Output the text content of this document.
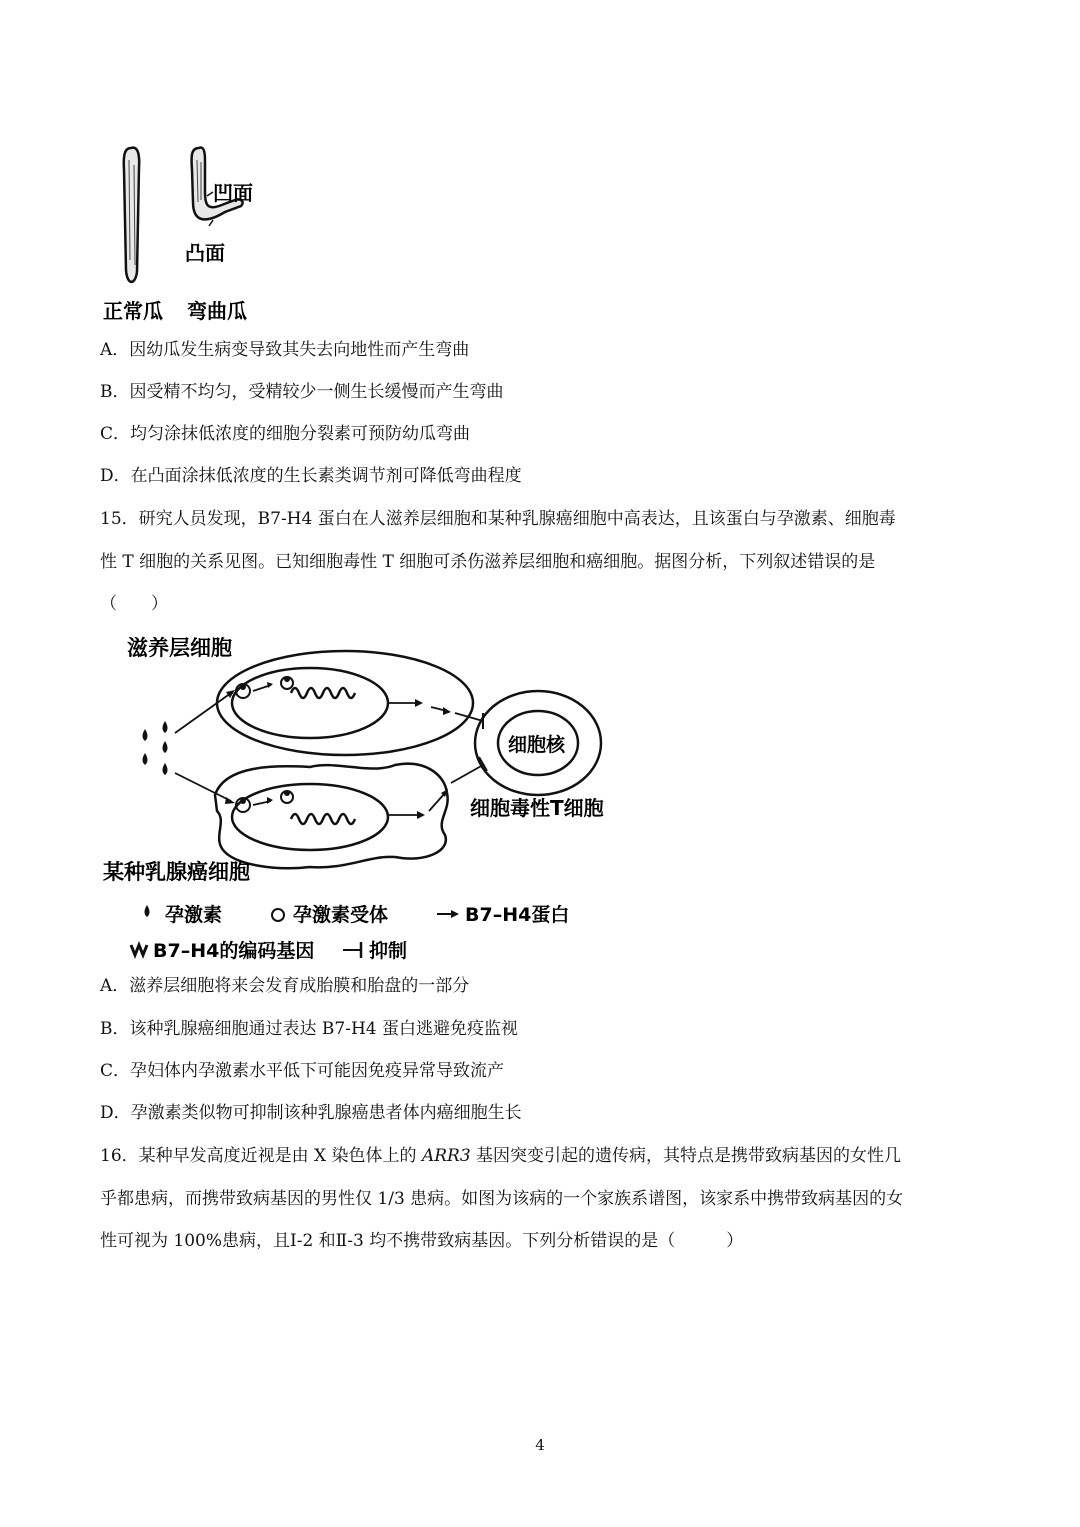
凹面
凸面
正常瓜 弯曲瓜
A．因幼瓜发生病变导致其失去向地性而产生弯曲
B．因受精不均匀，受精较少一侧生长缓慢而产生弯曲
C．均匀涂抹低浓度的细胞分裂素可预防幼瓜弯曲
D．在凸面涂抹低浓度的生长素类调节剂可降低弯曲程度
15．研究人员发现，B7-H4 蛋白在人滋养层细胞和某种乳腺癌细胞中高表达，且该蛋白与孕激素、细胞毒
性 T 细胞的关系见图。已知细胞毒性 T 细胞可杀伤滋养层细胞和癌细胞。据图分析，下列叙述错误的是
（　　）
滋养层细胞
细胞核
细胞毒性T细胞
某种乳腺癌细胞
孕激素	孕激素受体	B7–H4蛋白
B7–H4的编码基因	抑制
A．滋养层细胞将来会发育成胎膜和胎盘的一部分
B．该种乳腺癌细胞通过表达 B7-H4 蛋白逃避免疫监视
C．孕妇体内孕激素水平低下可能因免疫异常导致流产
D．孕激素类似物可抑制该种乳腺癌患者体内癌细胞生长
16．某种早发高度近视是由 X 染色体上的 ARR3 基因突变引起的遗传病，其特点是携带致病基因的女性几
乎都患病，而携带致病基因的男性仅 1/3 患病。如图为该病的一个家族系谱图，该家系中携带致病基因的女
性可视为 100%患病，且Ⅰ-2 和Ⅱ-3 均不携带致病基因。下列分析错误的是（　　　）
4
